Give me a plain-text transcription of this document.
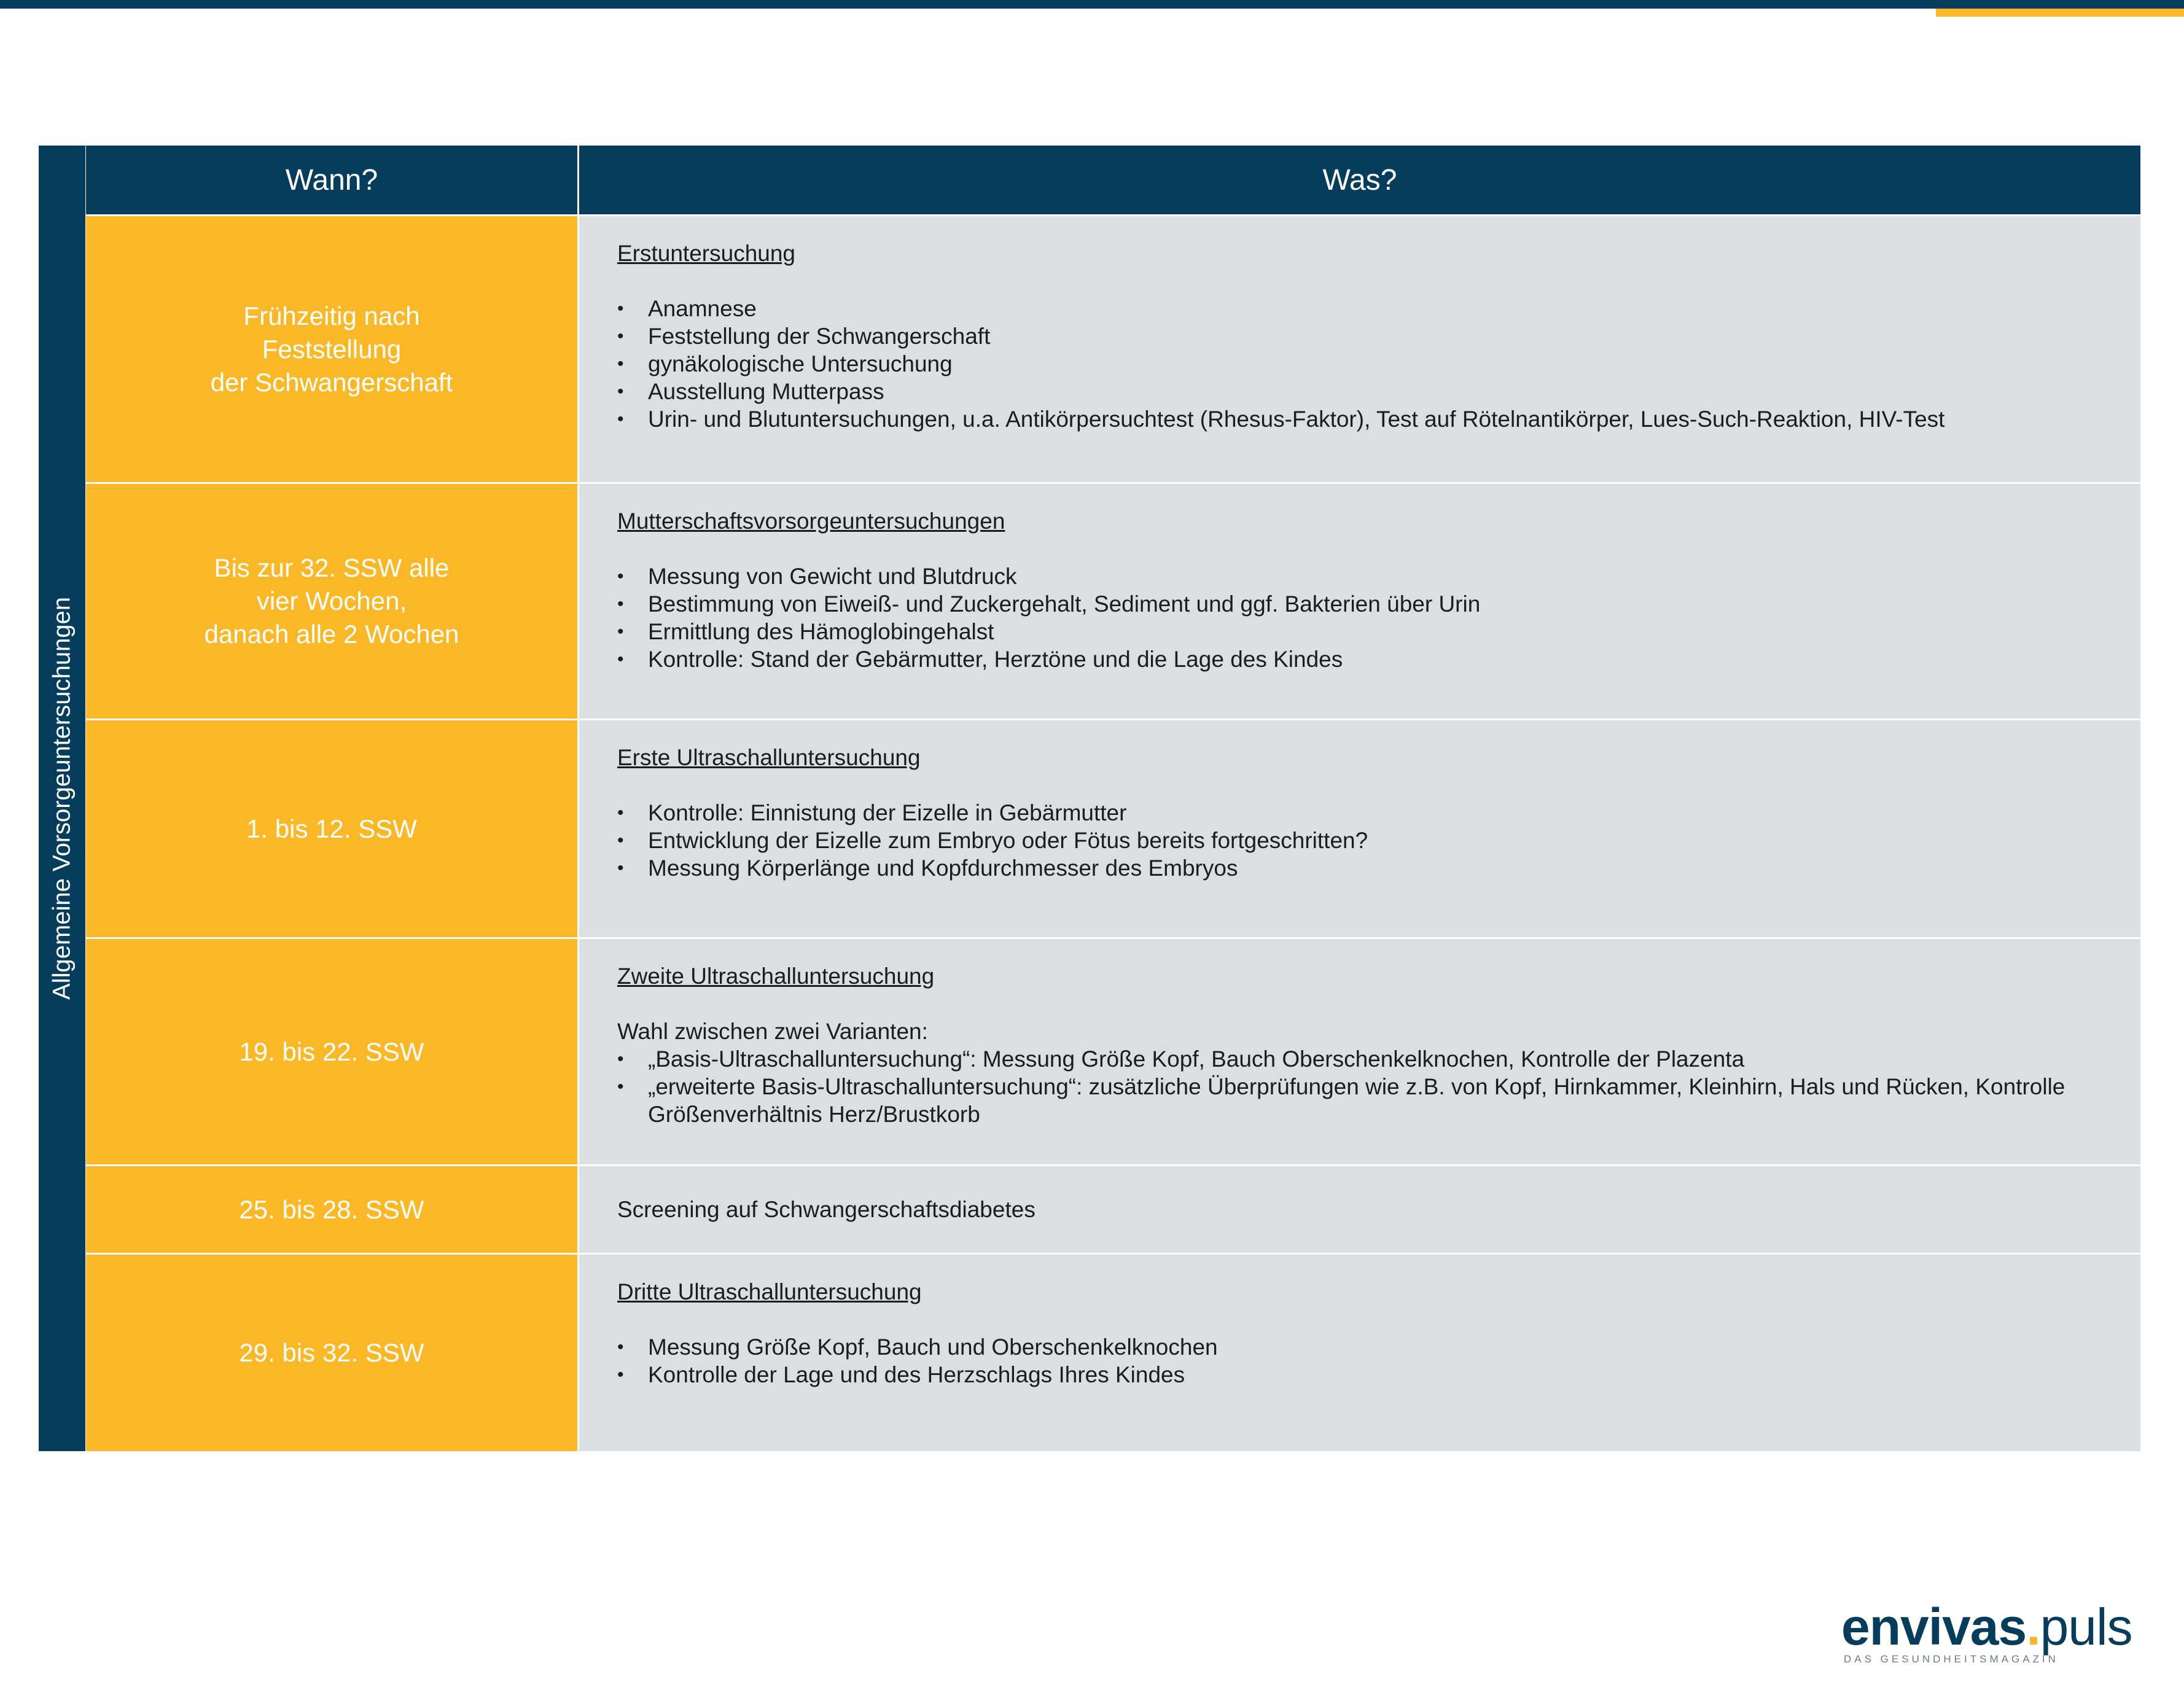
Allgemeine Vorsorgeuntersuchungen
Wann?	Was?
Frühzeitig nach
Feststellung
der Schwangerschaft
Erstuntersuchung
• Anamnese
• Feststellung der Schwangerschaft
• gynäkologische Untersuchung
• Ausstellung Mutterpass
• Urin- und Blutuntersuchungen, u.a. Antikörpersuchtest (Rhesus-Faktor), Test auf Rötelnantikörper, Lues-Such-Reaktion, HIV-Test
Bis zur 32. SSW alle
vier Wochen,
danach alle 2 Wochen
Mutterschaftsvorsorgeuntersuchungen
• Messung von Gewicht und Blutdruck
• Bestimmung von Eiweiß- und Zuckergehalt, Sediment und ggf. Bakterien über Urin
• Ermittlung des Hämoglobingehalst
• Kontrolle: Stand der Gebärmutter, Herztöne und die Lage des Kindes
1. bis 12. SSW
Erste Ultraschalluntersuchung
• Kontrolle: Einnistung der Eizelle in Gebärmutter
• Entwicklung der Eizelle zum Embryo oder Fötus bereits fortgeschritten?
• Messung Körperlänge und Kopfdurchmesser des Embryos
19. bis 22. SSW
Zweite Ultraschalluntersuchung
Wahl zwischen zwei Varianten:
• „Basis-Ultraschalluntersuchung“: Messung Größe Kopf, Bauch Oberschenkelknochen, Kontrolle der Plazenta
• „erweiterte Basis-Ultraschalluntersuchung“: zusätzliche Überprüfungen wie z.B. von Kopf, Hirnkammer, Kleinhirn, Hals und Rücken, Kontrolle Größenverhältnis Herz/Brustkorb
25. bis 28. SSW	Screening auf Schwangerschaftsdiabetes
29. bis 32. SSW
Dritte Ultraschalluntersuchung
• Messung Größe Kopf, Bauch und Oberschenkelknochen
• Kontrolle der Lage und des Herzschlags Ihres Kindes
envivas.puls
DAS GESUNDHEITSMAGAZIN
